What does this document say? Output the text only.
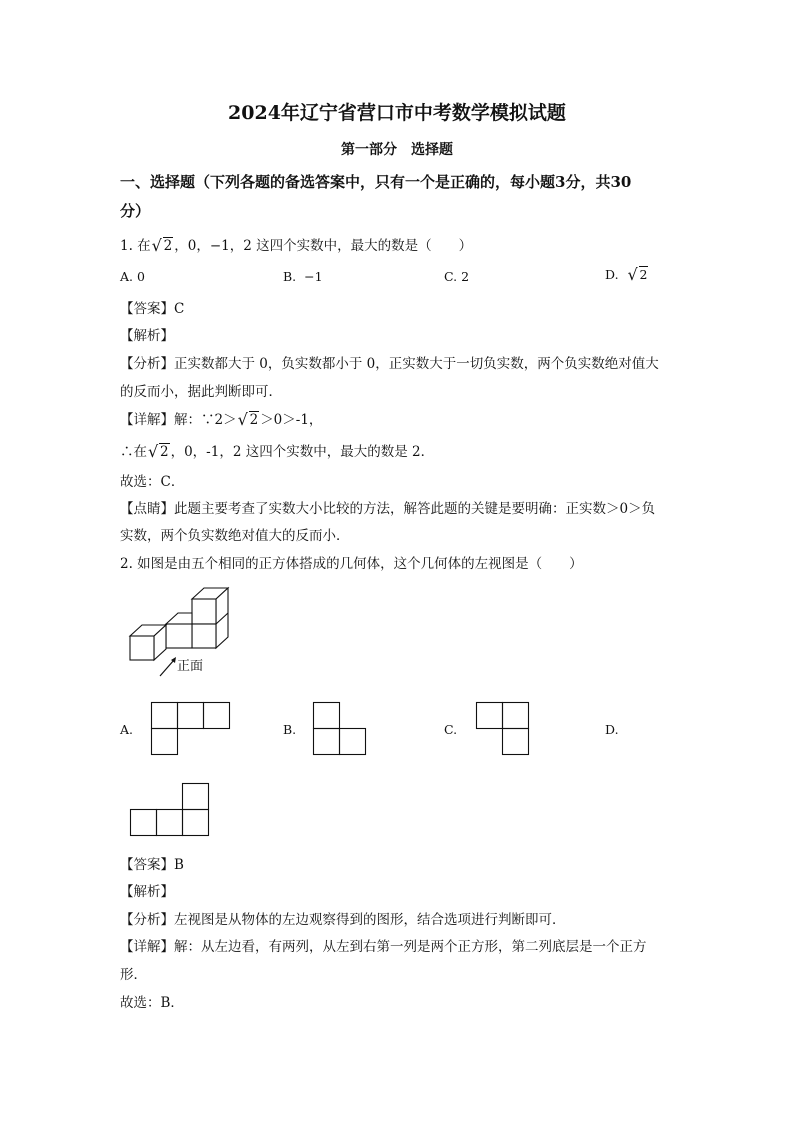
2024年辽宁省营口市中考数学模拟试题
第一部分　选择题
一、选择题（下列各题的备选答案中，只有一个是正确的，每小题3分，共30
分）
1. 在 √ 2 ，0，−1，2 这四个实数中，最大的数是（　　）
A. 0	B. −1	C. 2	D. √ 2
【答案】C
【解析】
【分析】正实数都大于 0，负实数都小于 0，正实数大于一切负实数，两个负实数绝对值大
的反而小，据此判断即可．
【详解】解：∵2＞ √ 2 ＞0＞-1，
∴在 √ 2 ，0，-1，2 这四个实数中，最大的数是 2．
故选：C．
【点睛】此题主要考查了实数大小比较的方法，解答此题的关键是要明确：正实数＞0＞负
实数，两个负实数绝对值大的反而小．
2. 如图是由五个相同的正方体搭成的几何体，这个几何体的左视图是（　　）
正面
A.	B.	C.	D.
【答案】B
【解析】
【分析】左视图是从物体的左边观察得到的图形，结合选项进行判断即可．
【详解】解：从左边看，有两列，从左到右第一列是两个正方形，第二列底层是一个正方
形．
故选：B．
